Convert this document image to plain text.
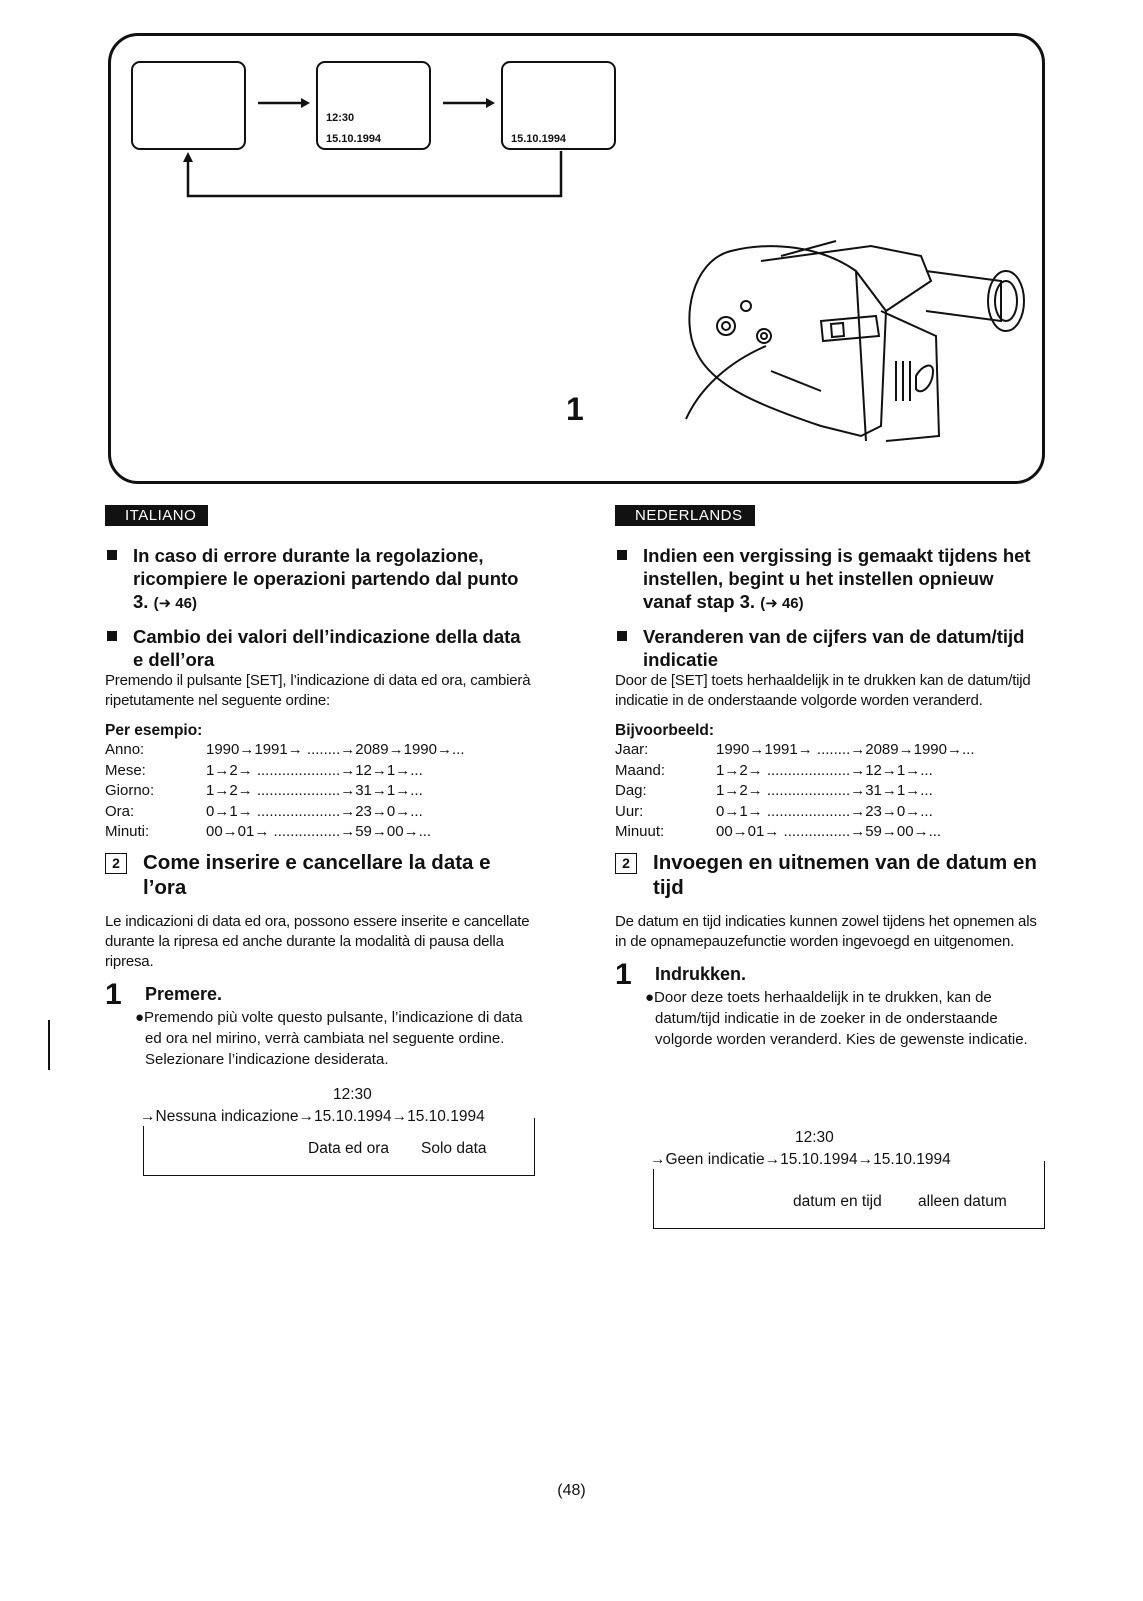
12:30
15.10.1994	15.10.1994
1
ITALIANO
In caso di errore durante la regolazione, ricompiere le operazioni partendo dal punto 3. (➜ 46)
Cambio dei valori dell’indicazione della data e dell’ora
Premendo il pulsante [SET], l’indicazione di data ed ora, cambierà ripetutamente nel seguente ordine:
Per esempio:
Anno:	1990→1991→ ........→2089→1990→...
Mese:	1→2→ ....................→12→1→...
Giorno:	1→2→ ....................→31→1→...
Ora:	0→1→ ....................→23→0→...
Minuti:	00→01→ ................→59→00→...
2	Come inserire e cancellare la data e l’ora
Le indicazioni di data ed ora, possono essere inserite e cancellate durante la ripresa ed anche durante la modalità di pausa della ripresa.
1 Premere.
●Premendo più volte questo pulsante, l’indicazione di data ed ora nel mirino, verrà cambiata nel seguente ordine. Selezionare l’indicazione desiderata.
12:30
→Nessuna indicazione→15.10.1994→15.10.1994
Data ed ora Solo data
NEDERLANDS
Indien een vergissing is gemaakt tijdens het instellen, begint u het instellen opnieuw vanaf stap 3. (➜ 46)
Veranderen van de cijfers van de datum/tijd indicatie
Door de [SET] toets herhaaldelijk in te drukken kan de datum/tijd indicatie in de onderstaande volgorde worden veranderd.
Bijvoorbeeld:
Jaar:	1990→1991→ ........→2089→1990→...
Maand:	1→2→ ....................→12→1→...
Dag:	1→2→ ....................→31→1→...
Uur:	0→1→ ....................→23→0→...
Minuut:	00→01→ ................→59→00→...
2	Invoegen en uitnemen van de datum en tijd
De datum en tijd indicaties kunnen zowel tijdens het opnemen als in de opnamepauzefunctie worden ingevoegd en uitgenomen.
1 Indrukken.
●Door deze toets herhaaldelijk in te drukken, kan de datum/tijd indicatie in de zoeker in de onderstaande volgorde worden veranderd. Kies de gewenste indicatie.
12:30
→Geen indicatie→15.10.1994→15.10.1994
datum en tijd alleen datum
(48)
